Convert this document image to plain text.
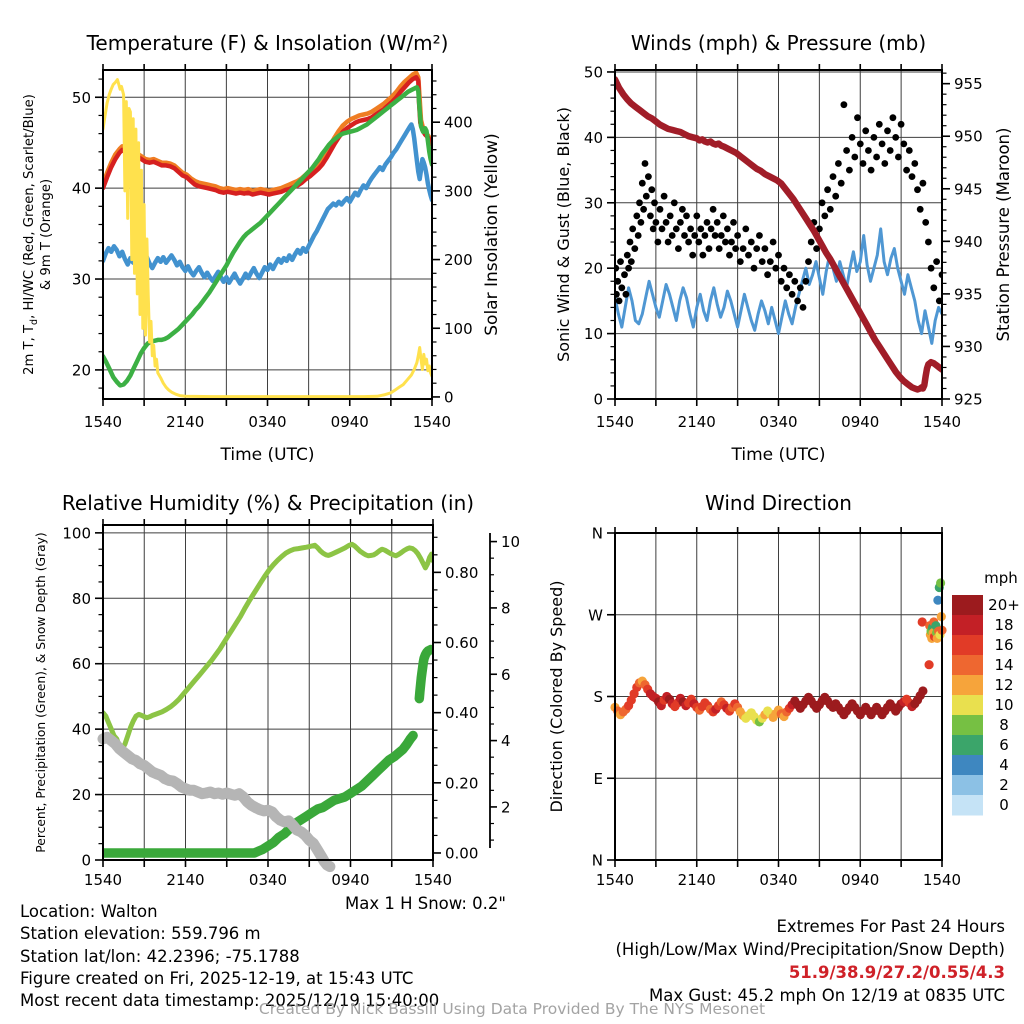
1540	2140	0340	0940	1540
20
30
40
50
0
100
200
300
400
Temperature (F) & Insolation (W/m²)
Time (UTC)
2m T, $T_d$, HI/WC (Red, Green, Scarlet/Blue) & 9m T (Orange)	Solar Insolation (Yellow)
1540	2140	0340	0940	1540
0
10
20
30
40
50
925
930
935
940
945
950
955
Winds (mph) & Pressure (mb)
Time (UTC)
Sonic Wind & Gust (Blue, Black)	Station Pressure (Maroon)
1540	2140	0340	0940	1540
0
20
40
60
80
100
0.00
0.20
0.40
0.60
0.80
2
4
6
8
10
Relative Humidity (%) & Precipitation (in)
Percent, Precipitation (Green), & Snow Depth (Gray)
1540	2140	0340	0940	1540
N
E
S
W
N
mph
20+
18
16
14
12
10
8
6
4
2
0
Wind Direction
Direction (Colored By Speed)
Max 1 H Snow: 0.2"
Location: Walton
Station elevation: 559.796 m
Station lat/lon: 42.2396; -75.1788
Figure created on Fri, 2025-12-19, at 15:43 UTC
Most recent data timestamp: 2025/12/19 15:40:00
Extremes For Past 24 Hours
(High/Low/Max Wind/Precipitation/Snow Depth)
51.9/38.9/27.2/0.55/4.3
Max Gust: 45.2 mph On 12/19 at 0835 UTC
Created By Nick Bassill Using Data Provided By The NYS Mesonet
